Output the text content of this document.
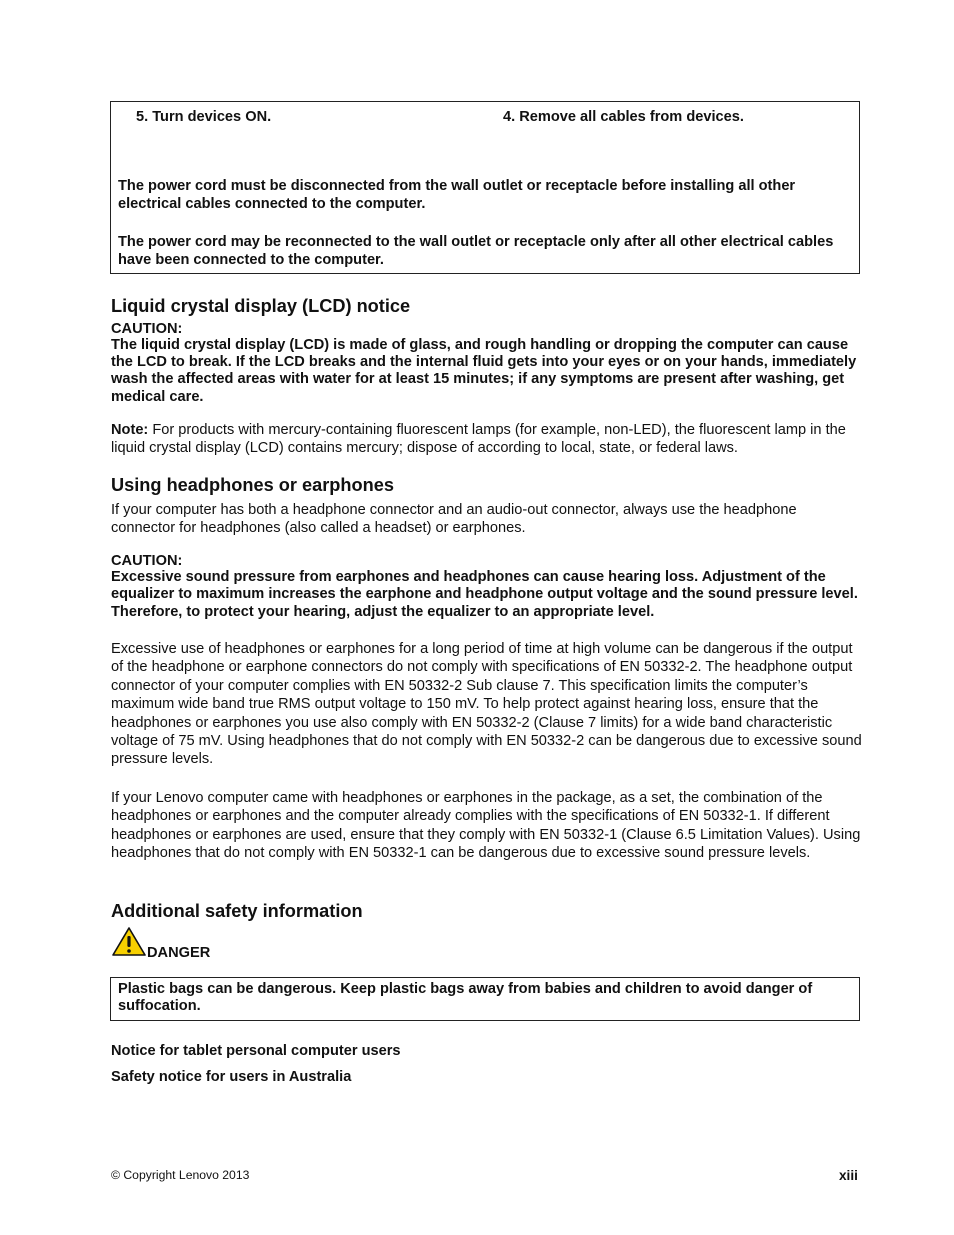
5. Turn devices ON.	4. Remove all cables from devices.

The power cord must be disconnected from the wall outlet or receptacle before installing all other electrical cables connected to the computer.

The power cord may be reconnected to the wall outlet or receptacle only after all other electrical cables have been connected to the computer.

Liquid crystal display (LCD) notice
CAUTION:

The liquid crystal display (LCD) is made of glass, and rough handling or dropping the computer can cause the LCD to break. If the LCD breaks and the internal fluid gets into your eyes or on your hands, immediately wash the affected areas with water for at least 15 minutes; if any symptoms are present after washing, get medical care.

Note: For products with mercury-containing fluorescent lamps (for example, non-LED), the fluorescent lamp in the liquid crystal display (LCD) contains mercury; dispose of according to local, state, or federal laws.

Using headphones or earphones

If your computer has both a headphone connector and an audio-out connector, always use the headphone connector for headphones (also called a headset) or earphones.

CAUTION:

Excessive sound pressure from earphones and headphones can cause hearing loss. Adjustment of the equalizer to maximum increases the earphone and headphone output voltage and the sound pressure level. Therefore, to protect your hearing, adjust the equalizer to an appropriate level.

Excessive use of headphones or earphones for a long period of time at high volume can be dangerous if the output of the headphone or earphone connectors do not comply with specifications of EN 50332-2. The headphone output connector of your computer complies with EN 50332-2 Sub clause 7. This specification limits the computer’s maximum wide band true RMS output voltage to 150 mV. To help protect against hearing loss, ensure that the headphones or earphones you use also comply with EN 50332-2 (Clause 7 limits) for a wide band characteristic voltage of 75 mV. Using headphones that do not comply with EN 50332-2 can be dangerous due to excessive sound pressure levels.

If your Lenovo computer came with headphones or earphones in the package, as a set, the combination of the headphones or earphones and the computer already complies with the specifications of EN 50332-1. If different headphones or earphones are used, ensure that they comply with EN 50332-1 (Clause 6.5 Limitation Values). Using headphones that do not comply with EN 50332-1 can be dangerous due to excessive sound pressure levels.

Additional safety information
DANGER

Plastic bags can be dangerous. Keep plastic bags away from babies and children to avoid danger of suffocation.

Notice for tablet personal computer users
Safety notice for users in Australia
© Copyright Lenovo 2013	xiii
